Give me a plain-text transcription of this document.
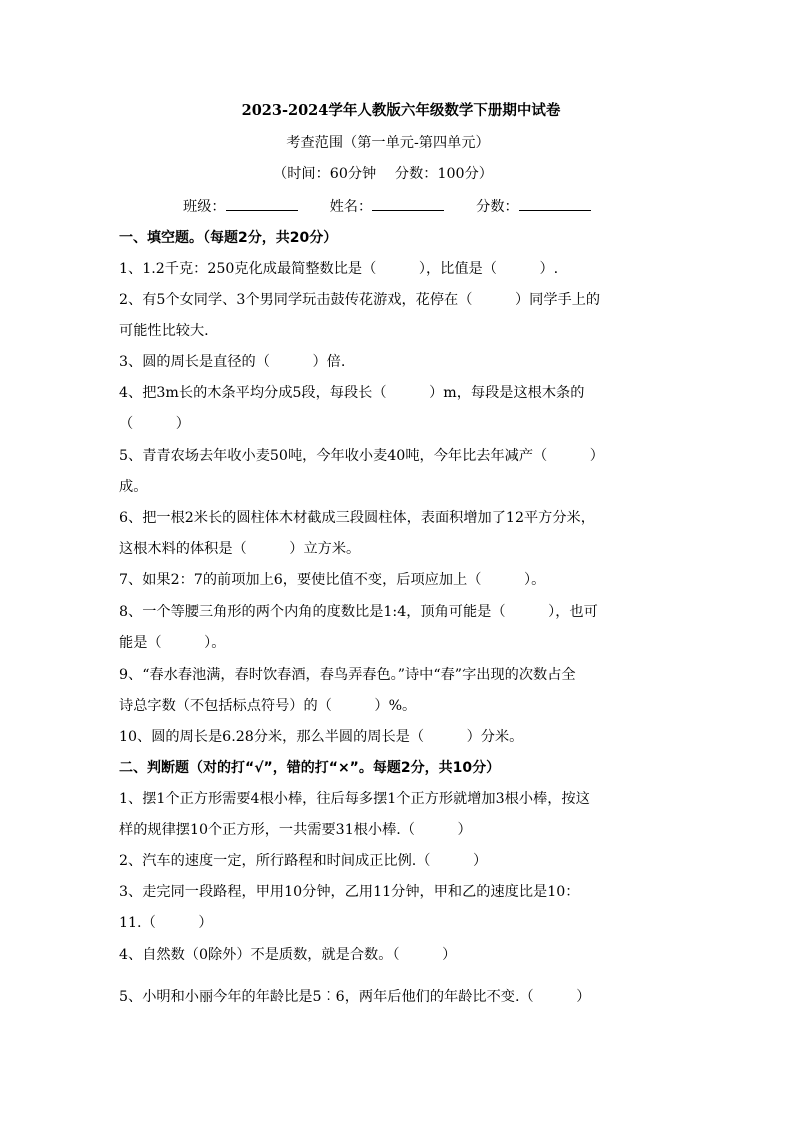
2023-2024学年人教版六年级数学下册期中试卷
考查范围（第一单元-第四单元）
（时间：60分钟　 分数：100分）
班级：	姓名：	分数：
一、填空题。（每题2分，共20分）
1、1.2千克：250克化成最简整数比是（　　　），比值是（　　　）.
2、有5个女同学、3个男同学玩击鼓传花游戏，花停在（　　　）同学手上的
可能性比较大.
3、圆的周长是直径的（　　　）倍.
4、把3m长的木条平均分成5段，每段长（　　　）m，每段是这根木条的
（　　　）
5、青青农场去年收小麦50吨，今年收小麦40吨，今年比去年减产（　　　）
成。
6、把一根2米长的圆柱体木材截成三段圆柱体，表面积增加了12平方分米，
这根木料的体积是（　　　）立方米。
7、如果2：7的前项加上6，要使比值不变，后项应加上（　　　）。
8、一个等腰三角形的两个内角的度数比是1:4，顶角可能是（　　　），也可
能是（　　　）。
9、“春水春池满，春时饮春酒，春鸟弄春色。”诗中“春”字出现的次数占全
诗总字数（不包括标点符号）的（　　　）%。
10、圆的周长是6.28分米，那么半圆的周长是（　　　）分米。
二、判断题（对的打“√”，错的打“×”。每题2分，共10分）
1、摆1个正方形需要4根小棒，往后每多摆1个正方形就增加3根小棒，按这
样的规律摆10个正方形，一共需要31根小棒.（　　　）
2、汽车的速度一定，所行路程和时间成正比例.（　　　）
3、走完同一段路程，甲用10分钟，乙用11分钟，甲和乙的速度比是10：
11.（　　　）
4、自然数（0除外）不是质数，就是合数。（　　　）
5、小明和小丽今年的年龄比是5︰6，两年后他们的年龄比不变.（　　　）
